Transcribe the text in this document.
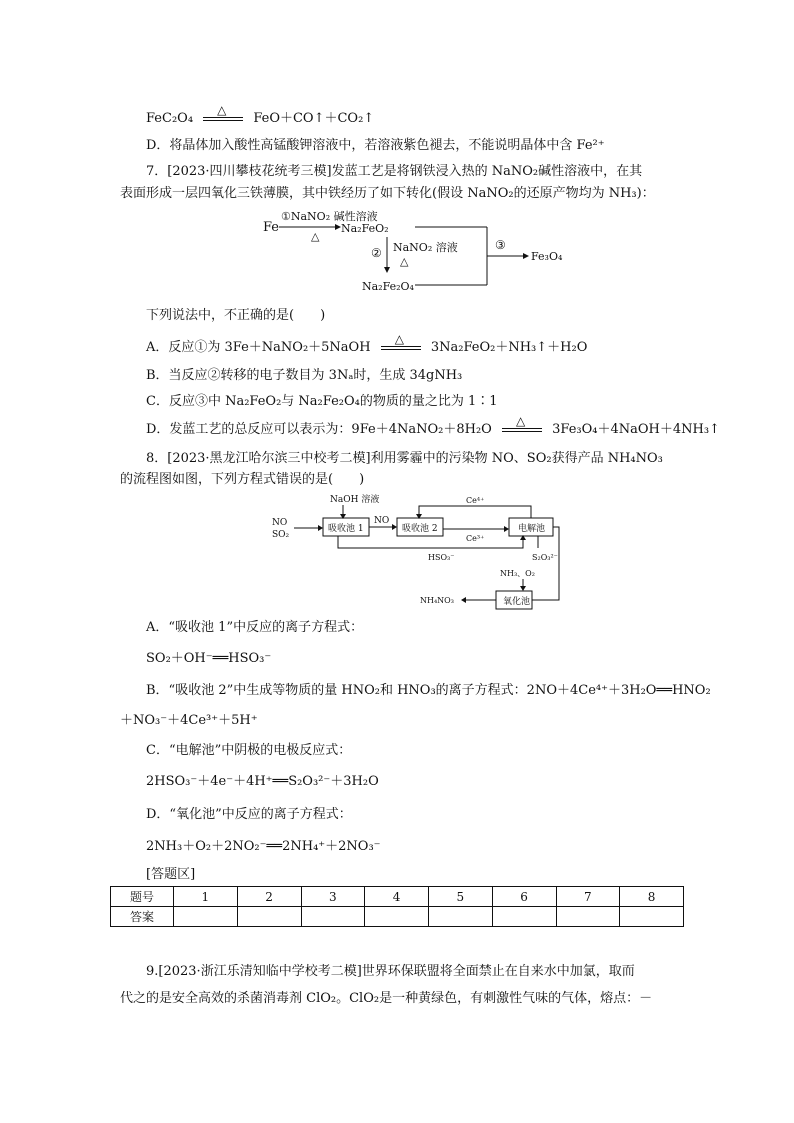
FeC₂O₄
△
FeO＋CO↑＋CO₂↑
D．将晶体加入酸性高锰酸钾溶液中，若溶液紫色褪去，不能说明晶体中含 Fe²⁺
7．[2023·四川攀枝花统考三模]发蓝工艺是将钢铁浸入热的 NaNO₂碱性溶液中，在其
表面形成一层四氧化三铁薄膜，其中铁经历了如下转化(假设 NaNO₂的还原产物均为 NH₃)：
Fe
①NaNO₂ 碱性溶液
△
Na₂FeO₂
② NaNO₂ 溶液
△
Na₂Fe₂O₄
③
Fe₃O₄
下列说法中，不正确的是(　　)
A．反应①为 3Fe＋NaNO₂＋5NaOH
△
3Na₂FeO₂＋NH₃↑＋H₂O
B．当反应②转移的电子数目为 3Nₐ时，生成 34gNH₃
C．反应③中 Na₂FeO₂与 Na₂Fe₂O₄的物质的量之比为 1∶1
D．发蓝工艺的总反应可以表示为：9Fe＋4NaNO₂＋8H₂O
△
3Fe₃O₄＋4NaOH＋4NH₃↑
8．[2023·黑龙江哈尔滨三中校考二模]利用雾霾中的污染物 NO、SO₂获得产品 NH₄NO₃
的流程图如图，下列方程式错误的是(　　)
NaOH 溶液
NO
SO₂
吸收池 1
NO
吸收池 2
Ce³⁺
电解池
Ce⁴⁺
HSO₃⁻	S₂O₃²⁻
NH₃、O₂
氧化池
NH₄NO₃
A．“吸收池 1”中反应的离子方程式：
SO₂＋OH⁻══HSO₃⁻
B．“吸收池 2”中生成等物质的量 HNO₂和 HNO₃的离子方程式：2NO＋4Ce⁴⁺＋3H₂O══HNO₂
＋NO₃⁻＋4Ce³⁺＋5H⁺
C．“电解池”中阴极的电极反应式：
2HSO₃⁻＋4e⁻＋4H⁺══S₂O₃²⁻＋3H₂O
D．“氧化池”中反应的离子方程式：
2NH₃＋O₂＋2NO₂⁻══2NH₄⁺＋2NO₃⁻
[答题区]
题号	1	2	3	4	5	6	7	8
答案								
9.[2023·浙江乐清知临中学校考二模]世界环保联盟将全面禁止在自来水中加氯，取而
代之的是安全高效的杀菌消毒剂 ClO₂。ClO₂是一种黄绿色，有刺激性气味的气体，熔点：－
